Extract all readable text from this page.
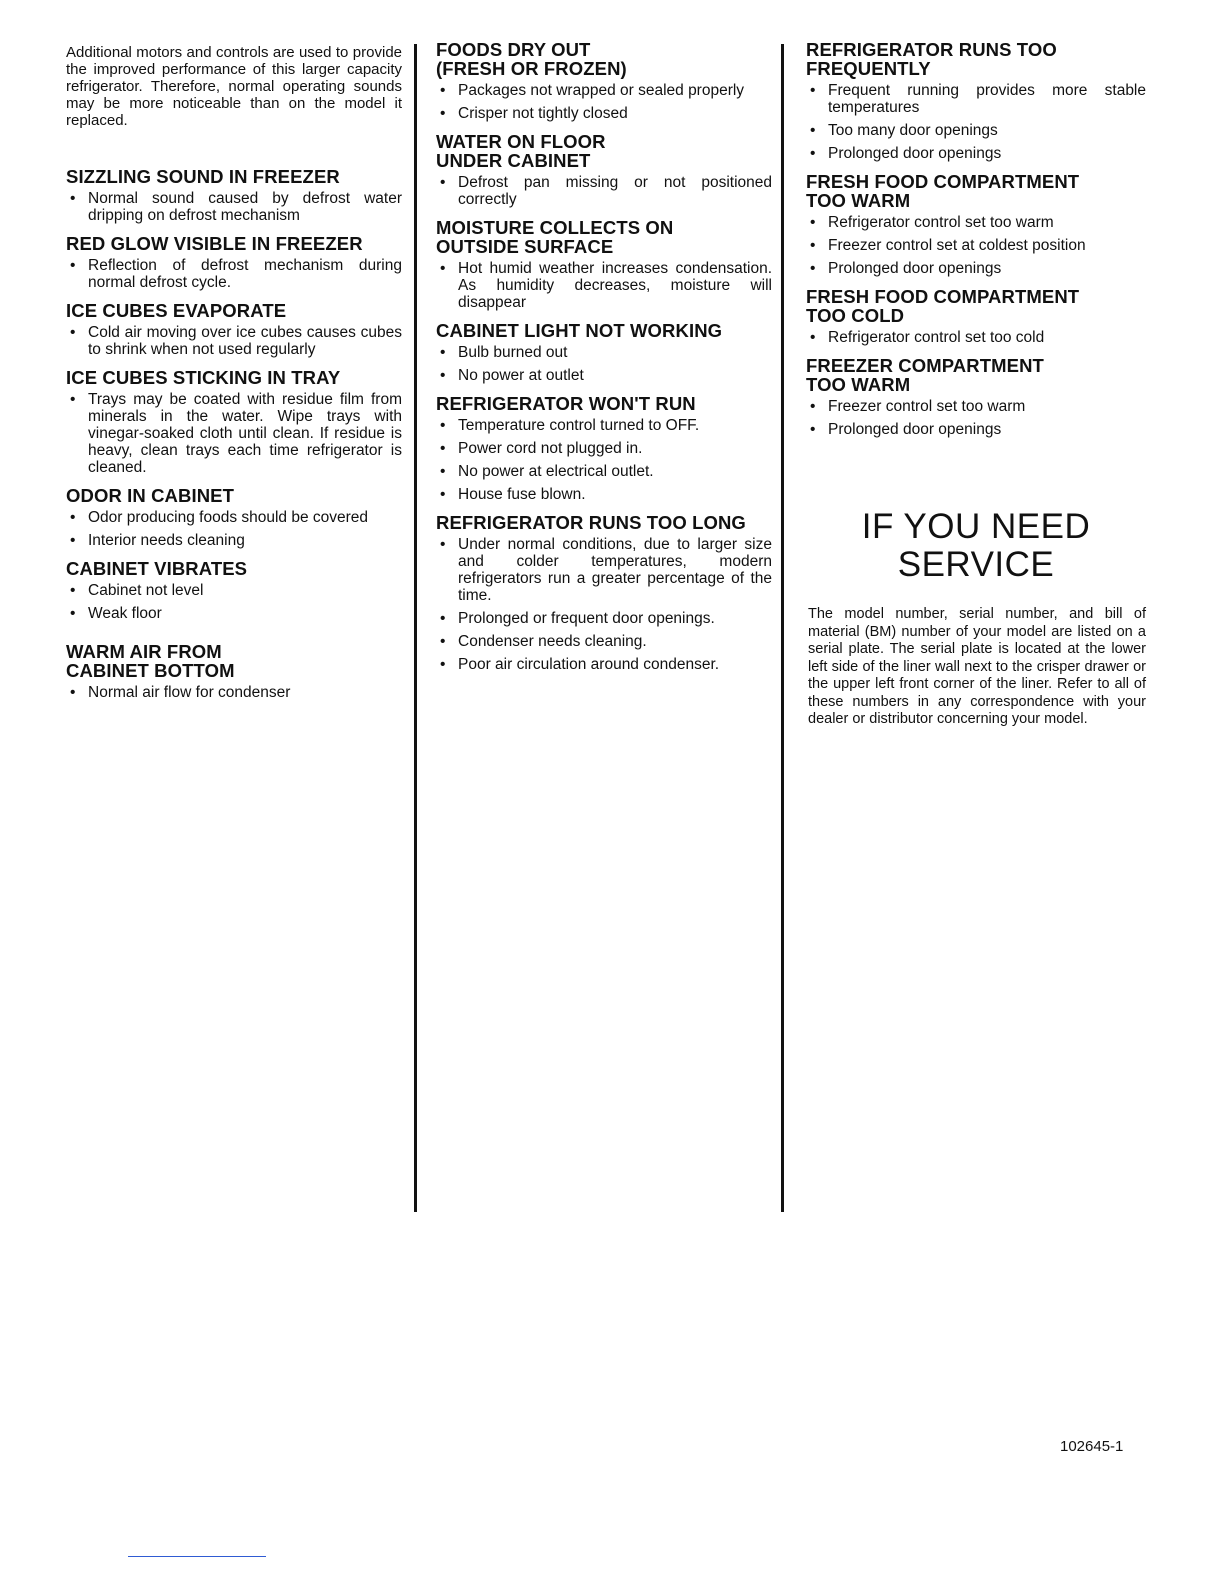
Additional motors and controls are used to provide the improved performance of this larger capacity refrigerator. Therefore, normal operating sounds may be more noticeable than on the model it replaced.

SIZZLING SOUND IN FREEZER
• Normal sound caused by defrost water dripping on defrost mechanism
RED GLOW VISIBLE IN FREEZER
• Reflection of defrost mechanism during normal defrost cycle.
ICE CUBES EVAPORATE
• Cold air moving over ice cubes causes cubes to shrink when not used regularly
ICE CUBES STICKING IN TRAY
• Trays may be coated with residue film from minerals in the water. Wipe trays with vinegar-soaked cloth until clean. If residue is heavy, clean trays each time refrigerator is cleaned.
ODOR IN CABINET
• Odor producing foods should be covered
• Interior needs cleaning
CABINET VIBRATES
• Cabinet not level
• Weak floor
WARM AIR FROM
CABINET BOTTOM
• Normal air flow for condenser
FOODS DRY OUT
(FRESH OR FROZEN)
• Packages not wrapped or sealed properly
• Crisper not tightly closed
WATER ON FLOOR
UNDER CABINET
• Defrost pan missing or not positioned correctly
MOISTURE COLLECTS ON
OUTSIDE SURFACE
• Hot humid weather increases condensation. As humidity decreases, moisture will disappear
CABINET LIGHT NOT WORKING
• Bulb burned out
• No power at outlet
REFRIGERATOR WON'T RUN
• Temperature control turned to OFF.
• Power cord not plugged in.
• No power at electrical outlet.
• House fuse blown.
REFRIGERATOR RUNS TOO LONG
• Under normal conditions, due to larger size and colder temperatures, modern refrigerators run a greater percentage of the time.
• Prolonged or frequent door openings.
• Condenser needs cleaning.
• Poor air circulation around condenser.
REFRIGERATOR RUNS TOO
FREQUENTLY
• Frequent running provides more stable temperatures
• Too many door openings
• Prolonged door openings
FRESH FOOD COMPARTMENT
TOO WARM
• Refrigerator control set too warm
• Freezer control set at coldest position
• Prolonged door openings
FRESH FOOD COMPARTMENT
TOO COLD
• Refrigerator control set too cold
FREEZER COMPARTMENT
TOO WARM
• Freezer control set too warm
• Prolonged door openings
IF YOU NEED
SERVICE

The model number, serial number, and bill of material (BM) number of your model are listed on a serial plate. The serial plate is located at the lower left side of the liner wall next to the crisper drawer or the upper left front corner of the liner. Refer to all of these numbers in any correspondence with your dealer or distributor concerning your model.

102645-1
